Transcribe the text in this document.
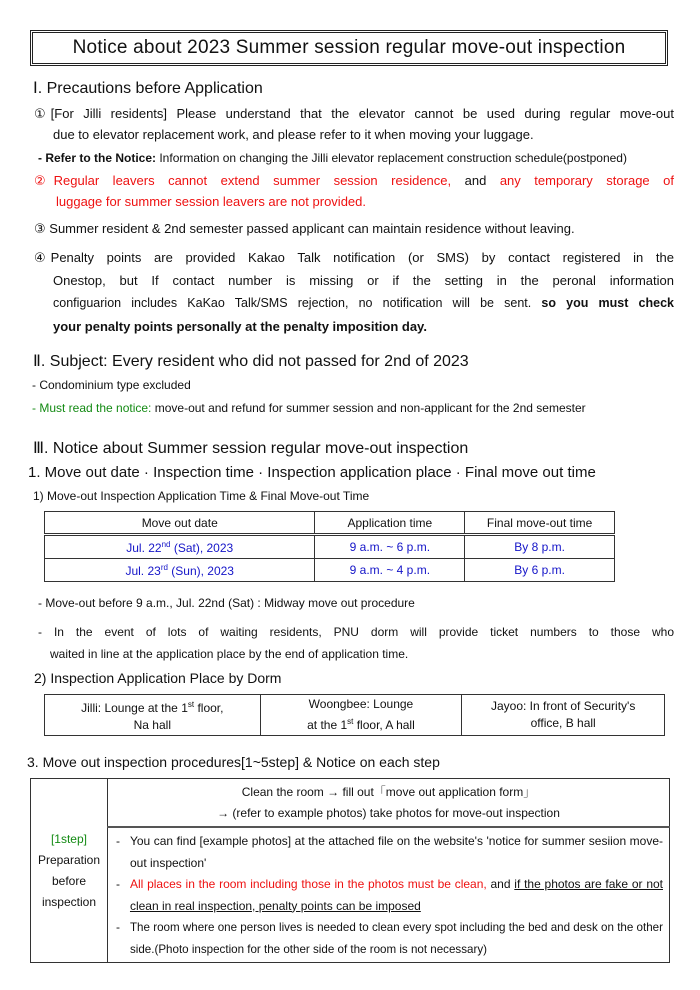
Notice about 2023 Summer session regular move-out inspection
Ⅰ. Precautions before Application
① [For Jilli residents] Please understand that the elevator cannot be used during regular move-out
due to elevator replacement work, and please refer to it when moving your luggage.
- Refer to the Notice: Information on changing the Jilli elevator replacement construction schedule(postponed)
② Regular leavers cannot extend summer session residence, and any temporary storage of
luggage for summer session leavers are not provided.
③ Summer resident & 2nd semester passed applicant can maintain residence without leaving.
④ Penalty points are provided Kakao Talk notification (or SMS) by contact registered in the
Onestop, but If contact number is missing or if the setting in the peronal information
configuarion includes KaKao Talk/SMS rejection, no notification will be sent. so you must check
your penalty points personally at the penalty imposition day.
Ⅱ. Subject: Every resident who did not passed for 2nd of 2023
- Condominium type excluded
- Must read the notice: move-out and refund for summer session and non-applicant for the 2nd semester
Ⅲ. Notice about Summer session regular move-out inspection
1. Move out date · Inspection time · Inspection application place · Final move out time
1) Move-out Inspection Application Time & Final Move-out Time
Move out date	Application time	Final move-out time
Jul. 22nd (Sat), 2023	9 a.m. ~ 6 p.m.	By 8 p.m.
Jul. 23rd (Sun), 2023	9 a.m. ~ 4 p.m.	By 6 p.m.
- Move-out before 9 a.m., Jul. 22nd (Sat) : Midway move out procedure
- In the event of lots of waiting residents, PNU dorm will provide ticket numbers to those who
waited in line at the application place by the end of application time.
2) Inspection Application Place by Dorm
Jilli: Lounge at the 1st floor,
Na hall

Woongbee: Lounge
at the 1st floor, A hall

Jayoo: In front of Security's
office, B hall
3. Move out inspection procedures[1~5step] & Notice on each step
[1step]
Preparation
before
inspection

Clean the room → fill out「move out application form」
→ (refer to example photos) take photos for move-out inspection

- You can find [example photos] at the attached file on the website's 'notice for summer sesiion move-out inspection'
- All places in the room including those in the photos must be clean, and if the photos are fake or not clean in real inspection, penalty points can be imposed
- The room where one person lives is needed to clean every spot including the bed and desk on the other side.(Photo inspection for the other side of the room is not necessary)
